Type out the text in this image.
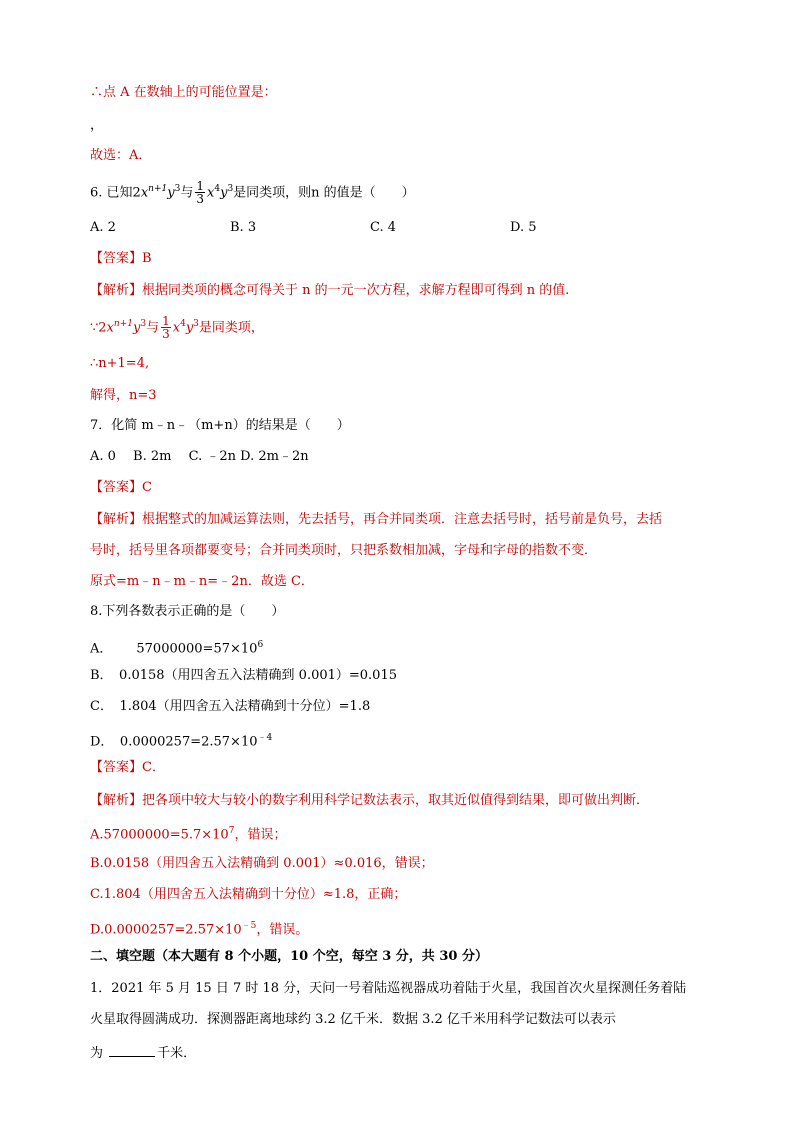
∴点 A 在数轴上的可能位置是：
，
故选：A．
6. 已知$2x^{n+1}y^3$与 $\frac{1}{3} x^4y^3$是同类项，则n 的值是（　　）
A. 2	B. 3	C. 4	D. 5
【答案】B
【解析】根据同类项的概念可得关于 n 的一元一次方程，求解方程即可得到 n 的值.
$\because 2x^{n+1}y^3$与 $\frac{1}{3} x^4y^3$是同类项，
∴n+1=4,
解得，n=3
7．化简 m﹣n﹣（m+n）的结果是（　　）
A. 0　 B. 2m　 C. ﹣2n D. 2m﹣2n
【答案】C
【解析】根据整式的加减运算法则，先去括号，再合并同类项．注意去括号时，括号前是负号，去括
号时，括号里各项都要变号；合并同类项时，只把系数相加减，字母和字母的指数不变．
原式=m﹣n﹣m﹣n=﹣2n．故选 C．
8.下列各数表示正确的是（　　）
A． $57000000=57\times 10^6$
B．　0.0158（用四舍五入法精确到 0.001）=0.015
C．　1.804（用四舍五入法精确到十分位）=1.8
D．　$0.0000257=2.57\times 10^{﹣4}$
【答案】C．
【解析】把各项中较大与较小的数字利用科学记数法表示，取其近似值得到结果，即可做出判断．
$A.57000000=5.7\times 10^7$，错误；
B.0.0158（用四舍五入法精确到 0.001）≈0.016，错误；
C.1.804（用四舍五入法精确到十分位）≈1.8，正确；
$D.0.0000257=2.57\times 10^{﹣5}$，错误。
二、填空题（本大题有 8 个小题，10 个空，每空 3 分，共 30 分）
1．2021 年 5 月 15 日 7 时 18 分，天问一号着陆巡视器成功着陆于火星，我国首次火星探测任务着陆
火星取得圆满成功．探测器距离地球约 3.2 亿千米．数据 3.2 亿千米用科学记数法可以表示
为	千米．
